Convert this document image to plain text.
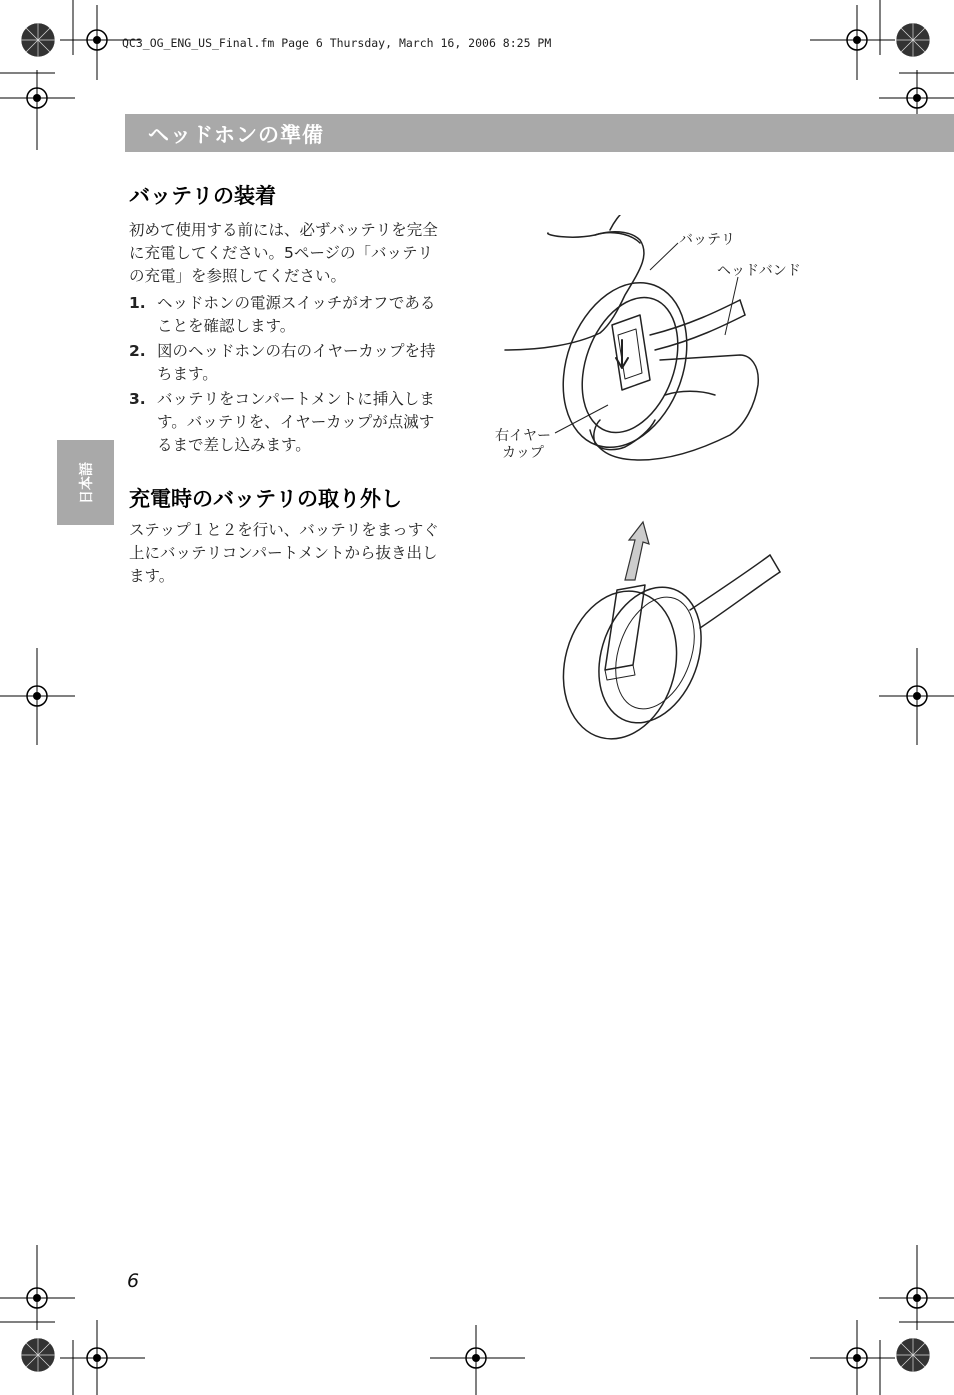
QC3_OG_ENG_US_Final.fm Page 6 Thursday, March 16, 2006 8:25 PM
ヘッドホンの準備
日本語
バッテリの装着
初めて使用する前には、必ずバッテリを完全
に充電してください。5ページの「バッテリ
の充電」を参照してください。
1. ヘッドホンの電源スイッチがオフである
ことを確認します。
2. 図のヘッドホンの右のイヤーカップを持
ちます。
3. バッテリをコンパートメントに挿入しま
す。バッテリを、イヤーカップが点滅す
るまで差し込みます。
充電時のバッテリの取り外し
ステップ１と２を行い、バッテリをまっすぐ
上にバッテリコンパートメントから抜き出し
ます。
バッテリ
ヘッドバンド
右イヤー
カップ
6
